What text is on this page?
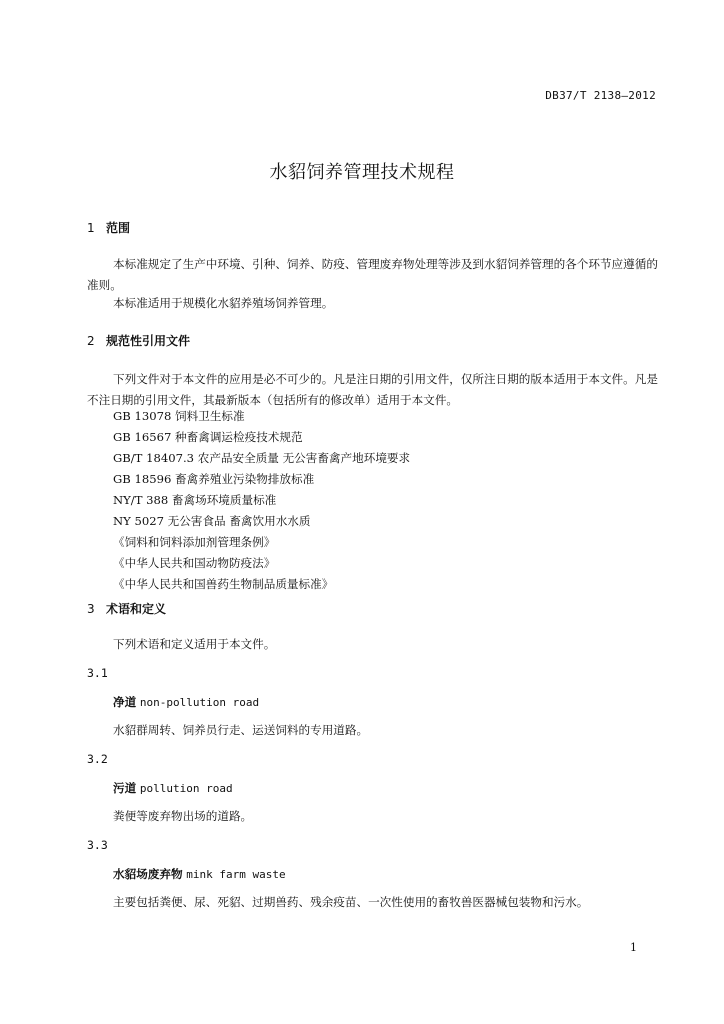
DB37/T 2138—2012
水貂饲养管理技术规程
1 范围
本标准规定了生产中环境、引种、饲养、防疫、管理废弃物处理等涉及到水貂饲养管理的各个环节应遵循的准则。
本标准适用于规模化水貂养殖场饲养管理。
2 规范性引用文件
下列文件对于本文件的应用是必不可少的。凡是注日期的引用文件，仅所注日期的版本适用于本文件。凡是不注日期的引用文件，其最新版本（包括所有的修改单）适用于本文件。
GB 13078 饲料卫生标准
GB 16567 种畜禽调运检疫技术规范
GB/T 18407.3 农产品安全质量 无公害畜禽产地环境要求
GB 18596 畜禽养殖业污染物排放标准
NY/T 388 畜禽场环境质量标准
NY 5027 无公害食品 畜禽饮用水水质
《饲料和饲料添加剂管理条例》
《中华人民共和国动物防疫法》
《中华人民共和国兽药生物制品质量标准》
3 术语和定义
下列术语和定义适用于本文件。
3.1
净道 non-pollution road
水貂群周转、饲养员行走、运送饲料的专用道路。
3.2
污道 pollution road
粪便等废弃物出场的道路。
3.3
水貂场废弃物 mink farm waste
主要包括粪便、尿、死貂、过期兽药、残余疫苗、一次性使用的畜牧兽医器械包装物和污水。
1
